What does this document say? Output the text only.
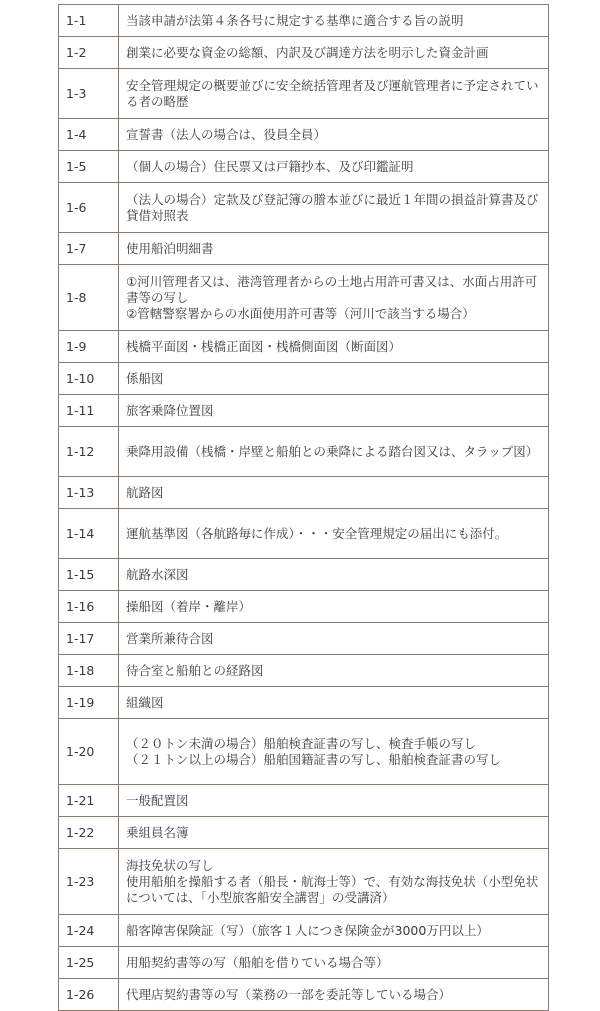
1-1	当該申請が法第４条各号に規定する基準に適合する旨の説明
1-2	創業に必要な資金の総額、内訳及び調達方法を明示した資金計画
1-3	安全管理規定の概要並びに安全統括管理者及び運航管理者に予定されている者の略歴
1-4	宣誓書（法人の場合は、役員全員）
1-5	（個人の場合）住民票又は戸籍抄本、及び印鑑証明
1-6	（法人の場合）定款及び登記簿の謄本並びに最近１年間の損益計算書及び貸借対照表
1-7	使用船泊明細書
1-8	①河川管理者又は、港湾管理者からの土地占用許可書又は、水面占用許可書等の写し
②管轄警察署からの水面使用許可書等（河川で該当する場合）
1-9	桟橋平面図・桟橋正面図・桟橋側面図（断面図）
1-10	係船図
1-11	旅客乗降位置図
1-12	乗降用設備（桟橋・岸壁と船舶との乗降による踏台図又は、タラップ図）
1-13	航路図
1-14	運航基準図（各航路毎に作成）・・・安全管理規定の届出にも添付。
1-15	航路水深図
1-16	操船図（着岸・離岸）
1-17	営業所兼待合図
1-18	待合室と船舶との経路図
1-19	組織図
1-20	（２０トン未満の場合）船舶検査証書の写し、検査手帳の写し
（２１トン以上の場合）船舶国籍証書の写し、船舶検査証書の写し
1-21	一般配置図
1-22	乗組員名簿
1-23	海技免状の写し
使用船舶を操船する者（船長・航海士等）で、有効な海技免状（小型免状については、「小型旅客船安全講習」の受講済）
1-24	船客障害保険証（写）（旅客１人につき保険金が3000万円以上）
1-25	用船契約書等の写（船舶を借りている場合等）
1-26	代理店契約書等の写（業務の一部を委託等している場合）
